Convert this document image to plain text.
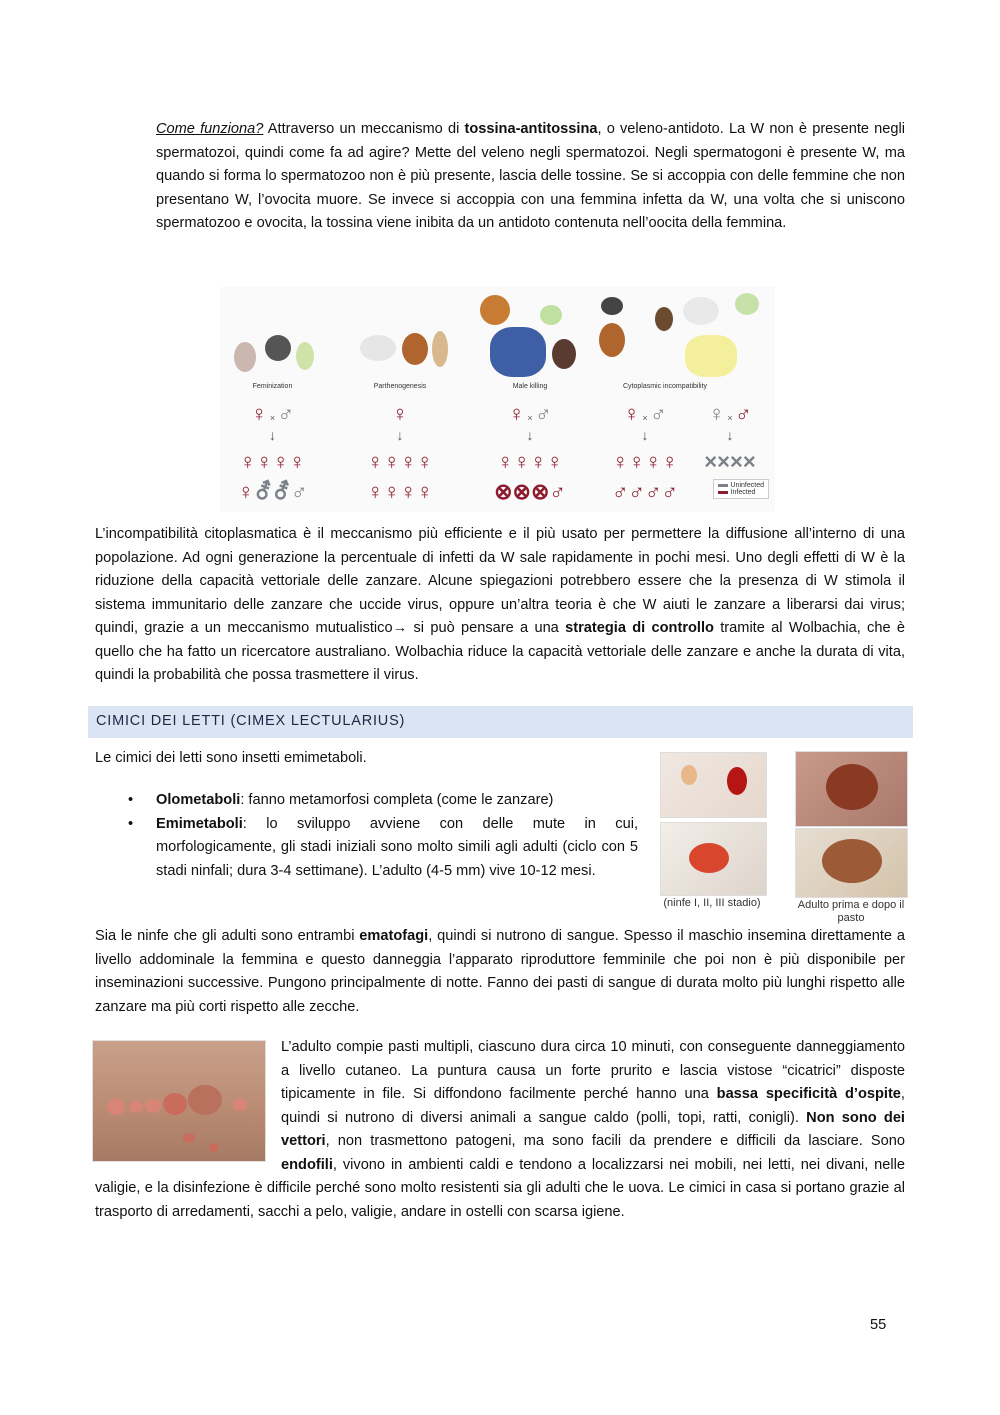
Come funziona? Attraverso un meccanismo di tossina-antitossina, o veleno-antidoto. La W non è presente negli spermatozoi, quindi come fa ad agire? Mette del veleno negli spermatozoi. Negli spermatogoni è presente W, ma quando si forma lo spermatozoo non è più presente, lascia delle tossine. Se si accoppia con delle femmine che non presentano W, l’ovocita muore. Se invece si accoppia con una femmina infetta da W, una volta che si uniscono spermatozoo e ovocita, la tossina viene inibita da un antidoto contenuta nell’oocita della femmina.

Feminization
♀ × ♂
↓
♀♀♀♀
♀⚦⚦♂
Parthenogenesis
♀
↓
♀♀♀♀
♀♀♀♀
Male killing
♀ × ♂
↓
♀♀♀♀
⊗⊗⊗♂
Cytoplasmic incompatibility
♀ × ♂	♀ × ♂
↓	↓
♀♀♀♀	××××
♂♂♂♂	Uninfected
Infected

L’incompatibilità citoplasmatica è il meccanismo più efficiente e il più usato per permettere la diffusione all’interno di una popolazione. Ad ogni generazione la percentuale di infetti da W sale rapidamente in pochi mesi. Uno degli effetti di W è la riduzione della capacità vettoriale delle zanzare. Alcune spiegazioni potrebbero essere che la presenza di W stimola il sistema immunitario delle zanzare che uccide virus, oppure un’altra teoria è che W aiuti le zanzare a liberarsi dai virus; quindi, grazie a un meccanismo mutualistico→ si può pensare a una strategia di controllo tramite al Wolbachia, che è quello che ha fatto un ricercatore australiano. Wolbachia riduce la capacità vettoriale delle zanzare e anche la durata di vita, quindi la probabilità che possa trasmettere il virus.

CIMICI DEI LETTI (CIMEX LECTULARIUS)

Le cimici dei letti sono insetti emimetaboli.

• Olometaboli: fanno metamorfosi completa (come le zanzare)
• Emimetaboli: lo sviluppo avviene con delle mute in cui, morfologicamente, gli stadi iniziali sono molto simili agli adulti (ciclo con 5 stadi ninfali; dura 3-4 settimane). L’adulto (4-5 mm) vive 10-12 mesi.
(ninfe I, II, III stadio)	Adulto prima e dopo il pasto

Sia le ninfe che gli adulti sono entrambi ematofagi, quindi si nutrono di sangue. Spesso il maschio insemina direttamente a livello addominale la femmina e questo danneggia l’apparato riproduttore femminile che poi non è più disponibile per inseminazioni successive. Pungono principalmente di notte. Fanno dei pasti di sangue di durata molto più lunghi rispetto alle zanzare ma più corti rispetto alle zecche.

L’adulto compie pasti multipli, ciascuno dura circa 10 minuti, con conseguente danneggiamento a livello cutaneo. La puntura causa un forte prurito e lascia vistose “cicatrici” disposte tipicamente in file. Si diffondono facilmente perché hanno una bassa specificità d’ospite, quindi si nutrono di diversi animali a sangue caldo (polli, topi, ratti, conigli). Non sono dei vettori, non trasmettono patogeni, ma sono facili da prendere e difficili da lasciare. Sono endofili, vivono in ambienti caldi e tendono a localizzarsi nei mobili, nei letti, nei divani, nelle valigie, e la disinfezione è difficile perché sono molto resistenti sia gli adulti che le uova. Le cimici in casa si portano grazie al trasporto di arredamenti, sacchi a pelo, valigie, andare in ostelli con scarsa igiene.

55
